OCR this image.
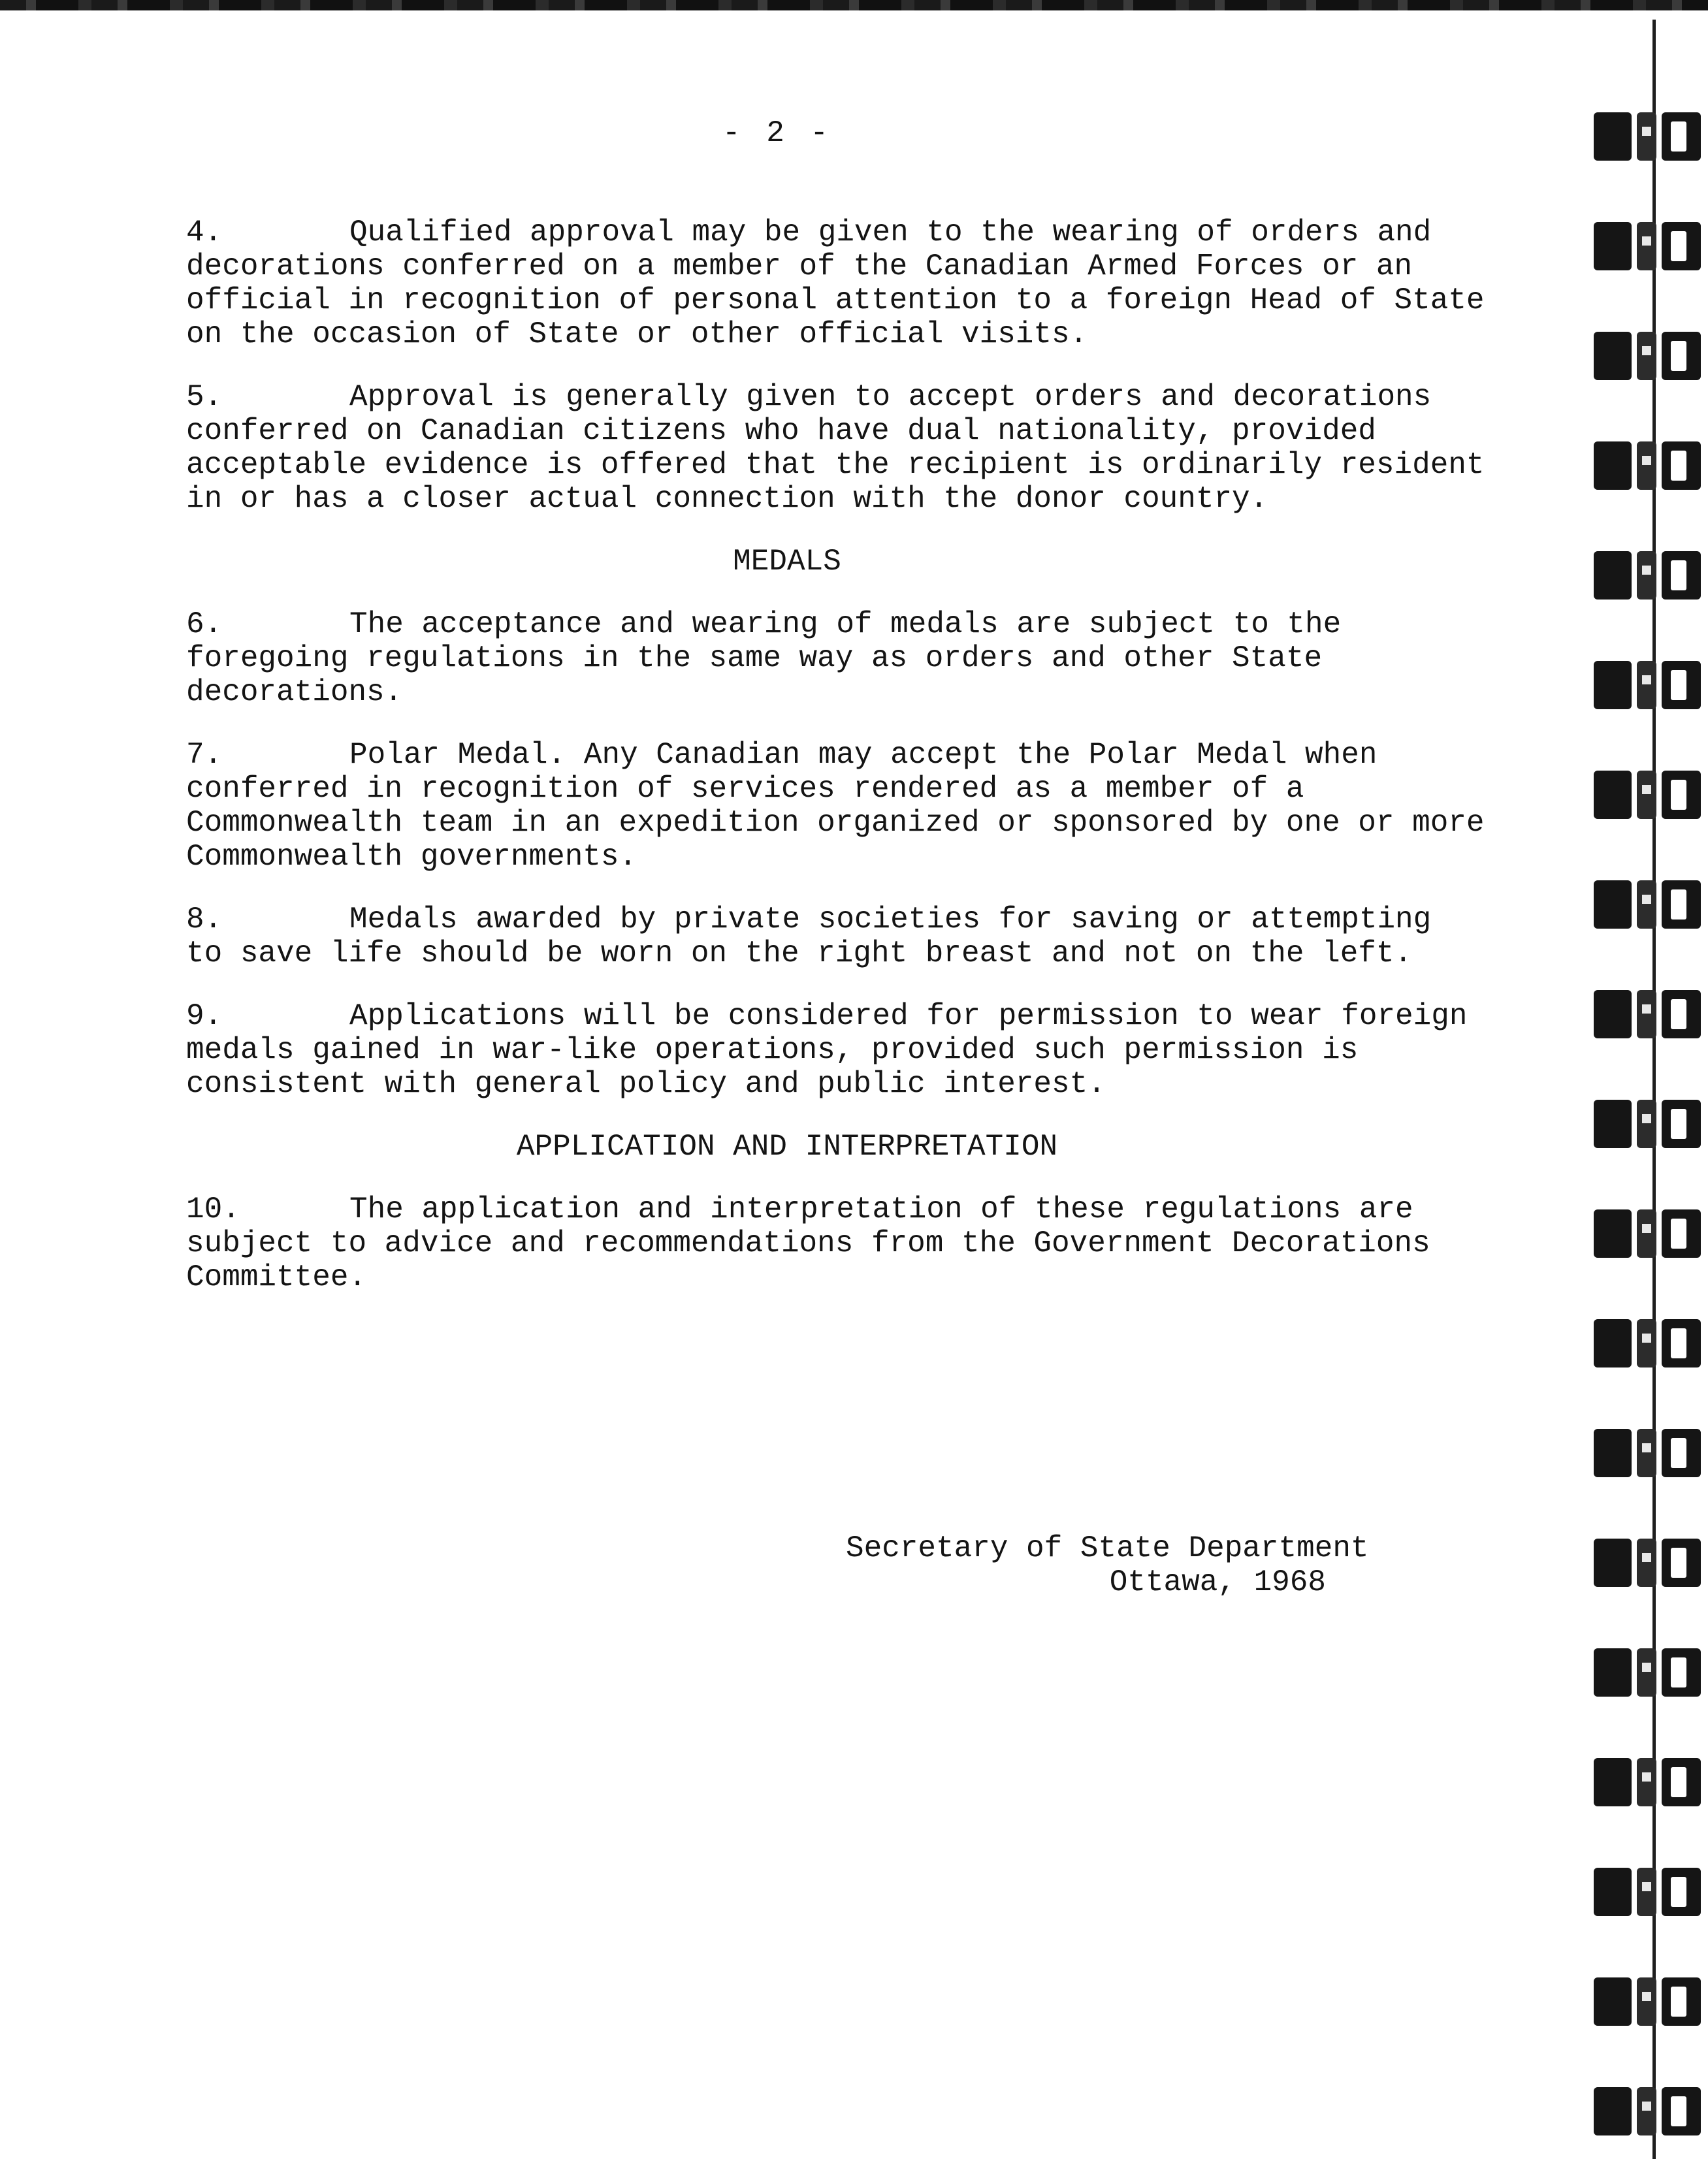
- 2 -
4.	Qualified approval may be given to the wearing of orders and
decorations conferred on a member of the Canadian Armed Forces or an
official in recognition of personal attention to a foreign Head of State
on the occasion of State or other official visits.
5.	Approval is generally given to accept orders and decorations
conferred on Canadian citizens who have dual nationality, provided
acceptable evidence is offered that the recipient is ordinarily resident
in or has a closer actual connection with the donor country.
MEDALS
6.	The acceptance and wearing of medals are subject to the
foregoing regulations in the same way as orders and other State
decorations.
7.	Polar Medal. Any Canadian may accept the Polar Medal when
conferred in recognition of services rendered as a member of a
Commonwealth team in an expedition organized or sponsored by one or more
Commonwealth governments.
8.	Medals awarded by private societies for saving or attempting
to save life should be worn on the right breast and not on the left.
9.	Applications will be considered for permission to wear foreign
medals gained in war-like operations, provided such permission is
consistent with general policy and public interest.
APPLICATION AND INTERPRETATION
10.	The application and interpretation of these regulations are
subject to advice and recommendations from the Government Decorations
Committee.
Secretary of State Department
Ottawa, 1968
